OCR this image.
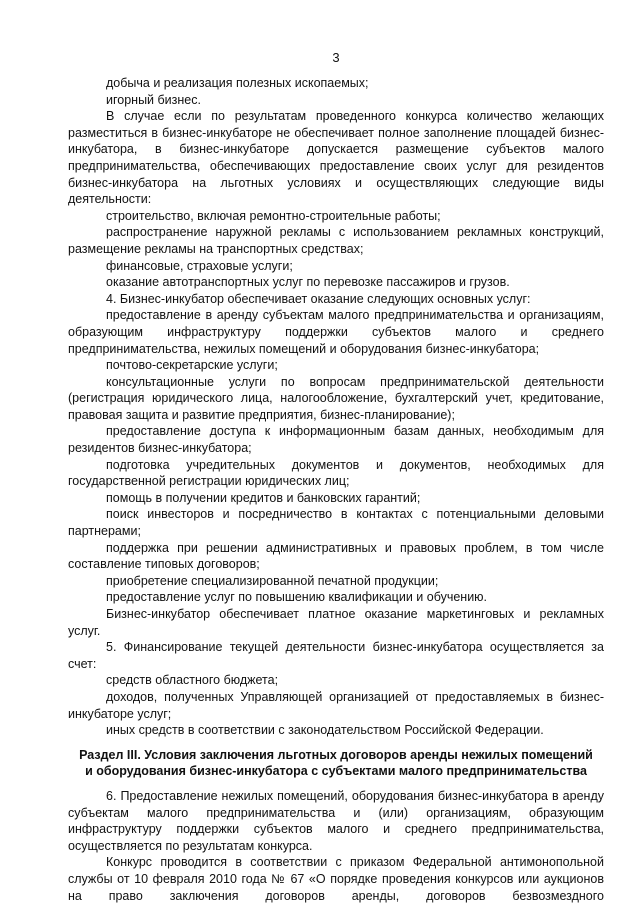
3

добыча и реализация полезных ископаемых;

игорный бизнес.

В случае если по результатам проведенного конкурса количество желающих разместиться в бизнес-инкубаторе не обеспечивает полное заполнение площадей бизнес-инкубатора, в бизнес-инкубаторе допускается размещение субъектов малого предпринимательства, обеспечивающих предоставление своих услуг для резидентов бизнес-инкубатора на льготных условиях и осуществляющих следующие виды деятельности:

строительство, включая ремонтно-строительные работы;

распространение наружной рекламы с использованием рекламных конструкций, размещение рекламы на транспортных средствах;

финансовые, страховые услуги;

оказание автотранспортных услуг по перевозке пассажиров и грузов.

4. Бизнес-инкубатор обеспечивает оказание следующих основных услуг:

предоставление в аренду субъектам малого предпринимательства и организациям, образующим инфраструктуру поддержки субъектов малого и среднего предпринимательства, нежилых помещений и оборудования бизнес-инкубатора;

почтово-секретарские услуги;

консультационные услуги по вопросам предпринимательской деятельности (регистрация юридического лица, налогообложение, бухгалтерский учет, кредитование, правовая защита и развитие предприятия, бизнес-планирование);

предоставление доступа к информационным базам данных, необходимым для резидентов бизнес-инкубатора;

подготовка учредительных документов и документов, необходимых для государственной регистрации юридических лиц;

помощь в получении кредитов и банковских гарантий;

поиск инвесторов и посредничество в контактах с потенциальными деловыми партнерами;

поддержка при решении административных и правовых проблем, в том числе составление типовых договоров;

приобретение специализированной печатной продукции;

предоставление услуг по повышению квалификации и обучению.

Бизнес-инкубатор обеспечивает платное оказание маркетинговых и рекламных услуг.

5. Финансирование текущей деятельности бизнес-инкубатора осуществляется за счет:

средств областного бюджета;

доходов, полученных Управляющей организацией от предоставляемых в бизнес-инкубаторе услуг;

иных средств в соответствии с законодательством Российской Федерации.

Раздел III. Условия заключения льготных договоров аренды нежилых помещений
и оборудования бизнес-инкубатора с субъектами малого предпринимательства

6. Предоставление нежилых помещений, оборудования бизнес-инкубатора в аренду субъектам малого предпринимательства и (или) организациям, образующим инфраструктуру поддержки субъектов малого и среднего предпринимательства, осуществляется по результатам конкурса.

Конкурс проводится в соответствии с приказом Федеральной антимонопольной службы от 10 февраля 2010 года № 67 «О порядке проведения конкурсов или аукционов на право заключения договоров аренды, договоров безвозмездного
